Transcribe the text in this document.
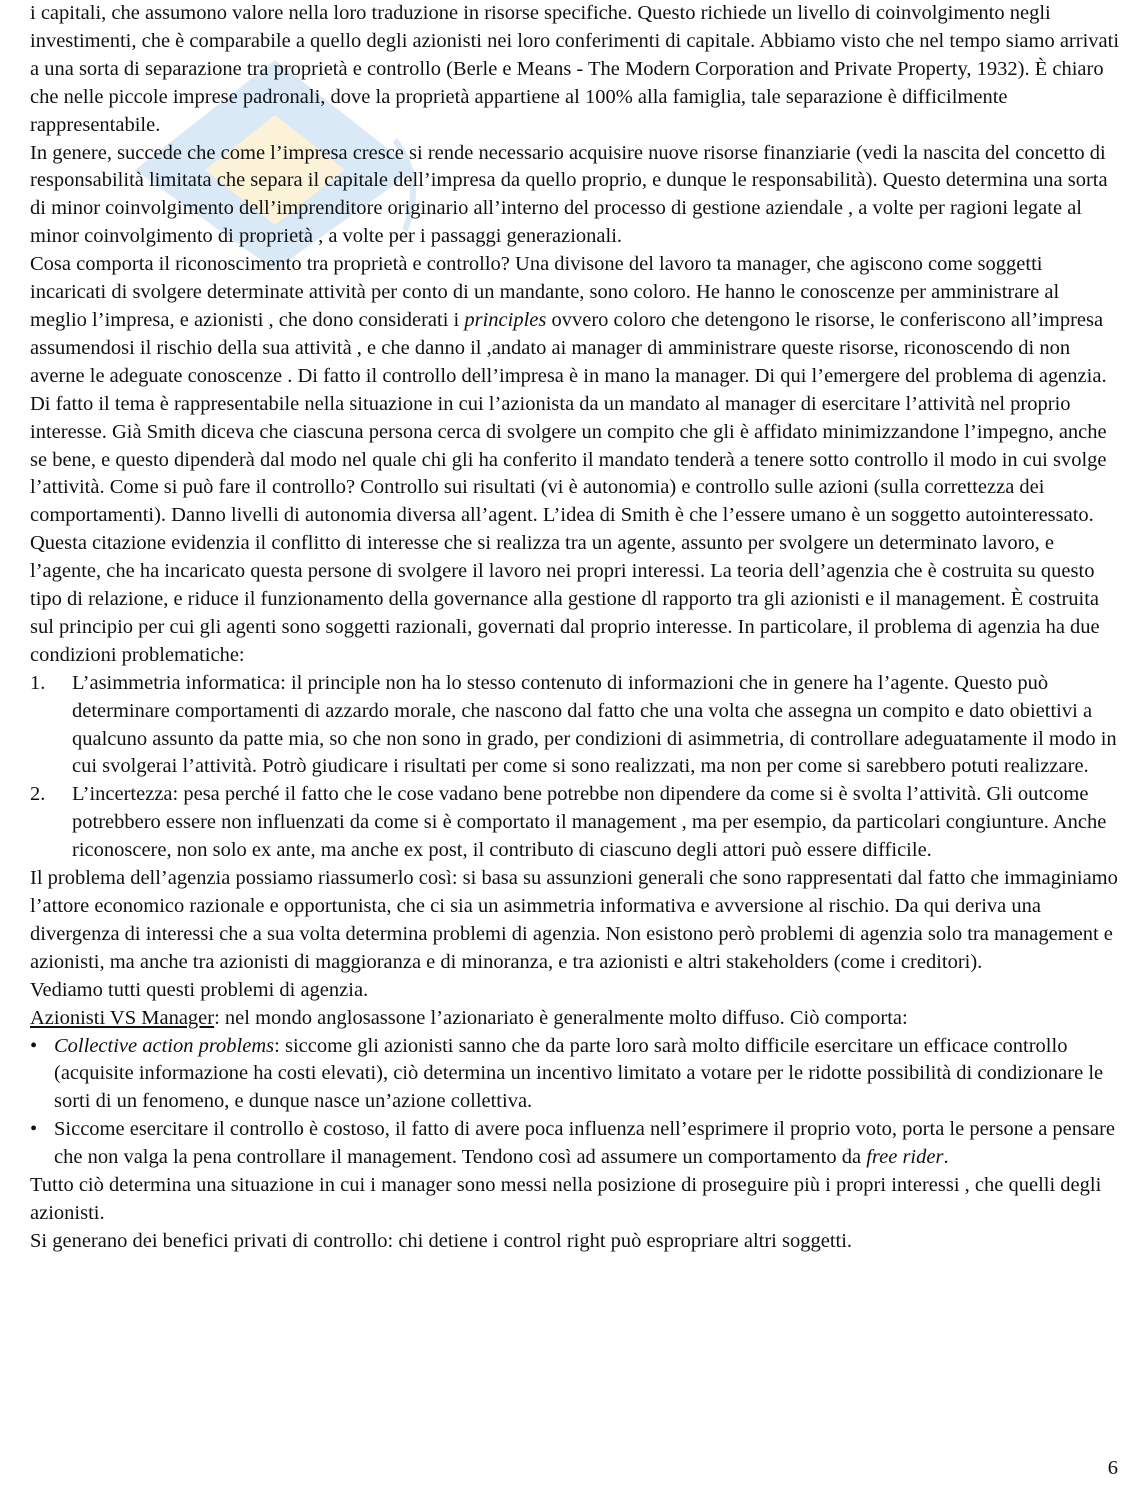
i capitali, che assumono valore nella loro traduzione in risorse specifiche. Questo richiede un livello di coinvolgimento negli investimenti, che è comparabile a quello degli azionisti nei loro conferimenti di capitale. Abbiamo visto che nel tempo siamo arrivati a una sorta di separazione tra proprietà e controllo (Berle e Means - The Modern Corporation and Private Property, 1932). È chiaro che nelle piccole imprese padronali, dove la proprietà appartiene al 100% alla famiglia, tale separazione è difficilmente rappresentabile.

In genere, succede che come l’impresa cresce si rende necessario acquisire nuove risorse finanziarie (vedi la nascita del concetto di responsabilità limitata che separa il capitale dell’impresa da quello proprio, e dunque le responsabilità). Questo determina una sorta di minor coinvolgimento dell’imprenditore originario all’interno del processo di gestione aziendale , a volte per ragioni legate al minor coinvolgimento di proprietà , a volte per i passaggi generazionali.

Cosa comporta il riconoscimento tra proprietà e controllo? Una divisone del lavoro ta manager, che agiscono come soggetti incaricati di svolgere determinate attività per conto di un mandante, sono coloro. He hanno le conoscenze per amministrare al meglio l’impresa, e azionisti , che dono considerati i principles ovvero coloro che detengono le risorse, le conferiscono all’impresa assumendosi il rischio della sua attività , e che danno il ,andato ai manager di amministrare queste risorse, riconoscendo di non averne le adeguate conoscenze . Di fatto il controllo dell’impresa è in mano la manager. Di qui l’emergere del problema di agenzia. Di fatto il tema è rappresentabile nella situazione in cui l’azionista da un mandato al manager di esercitare l’attività nel proprio interesse. Già Smith diceva che ciascuna persona cerca di svolgere un compito che gli è affidato minimizzandone l’impegno, anche se bene, e questo dipenderà dal modo nel quale chi gli ha conferito il mandato tenderà a tenere sotto controllo il modo in cui svolge l’attività. Come si può fare il controllo? Controllo sui risultati (vi è autonomia) e controllo sulle azioni (sulla correttezza dei comportamenti). Danno livelli di autonomia diversa all’agent. L’idea di Smith è che l’essere umano è un soggetto autointeressato. Questa citazione evidenzia il conflitto di interesse che si realizza tra un agente, assunto per svolgere un determinato lavoro, e l’agente, che ha incaricato questa persone di svolgere il lavoro nei propri interessi. La teoria dell’agenzia che è costruita su questo tipo di relazione, e riduce il funzionamento della governance alla gestione dl rapporto tra gli azionisti e il management. È costruita sul principio per cui gli agenti sono soggetti razionali, governati dal proprio interesse. In particolare, il problema di agenzia ha due condizioni problematiche:

1. L’asimmetria informatica: il principle non ha lo stesso contenuto di informazioni che in genere ha l’agente. Questo può determinare comportamenti di azzardo morale, che nascono dal fatto che una volta che assegna un compito e dato obiettivi a qualcuno assunto da patte mia, so che non sono in grado, per condizioni di asimmetria, di controllare adeguatamente il modo in cui svolgerai l’attività. Potrò giudicare i risultati per come si sono realizzati, ma non per come si sarebbero potuti realizzare.
2. L’incertezza: pesa perché il fatto che le cose vadano bene potrebbe non dipendere da come si è svolta l’attività. Gli outcome potrebbero essere non influenzati da come si è comportato il management , ma per esempio, da particolari congiunture. Anche riconoscere, non solo ex ante, ma anche ex post, il contributo di ciascuno degli attori può essere difficile.

Il problema dell’agenzia possiamo riassumerlo così: si basa su assunzioni generali che sono rappresentati dal fatto che immaginiamo l’attore economico razionale e opportunista, che ci sia un asimmetria informativa e avversione al rischio. Da qui deriva una divergenza di interessi che a sua volta determina problemi di agenzia. Non esistono però problemi di agenzia solo tra management e azionisti, ma anche tra azionisti di maggioranza e di minoranza, e tra azionisti e altri stakeholders (come i creditori).

Vediamo tutti questi problemi di agenzia.

Azionisti VS Manager: nel mondo anglosassone l’azionariato è generalmente molto diffuso. Ciò comporta:

• Collective action problems: siccome gli azionisti sanno che da parte loro sarà molto difficile esercitare un efficace controllo (acquisite informazione ha costi elevati), ciò determina un incentivo limitato a votare per le ridotte possibilità di condizionare le sorti di un fenomeno, e dunque nasce un’azione collettiva.
• Siccome esercitare il controllo è costoso, il fatto di avere poca influenza nell’esprimere il proprio voto, porta le persone a pensare che non valga la pena controllare il management. Tendono così ad assumere un comportamento da free rider.

Tutto ciò determina una situazione in cui i manager sono messi nella posizione di proseguire più i propri interessi , che quelli degli azionisti.

Si generano dei benefici privati di controllo: chi detiene i control right può espropriare altri soggetti.

6
